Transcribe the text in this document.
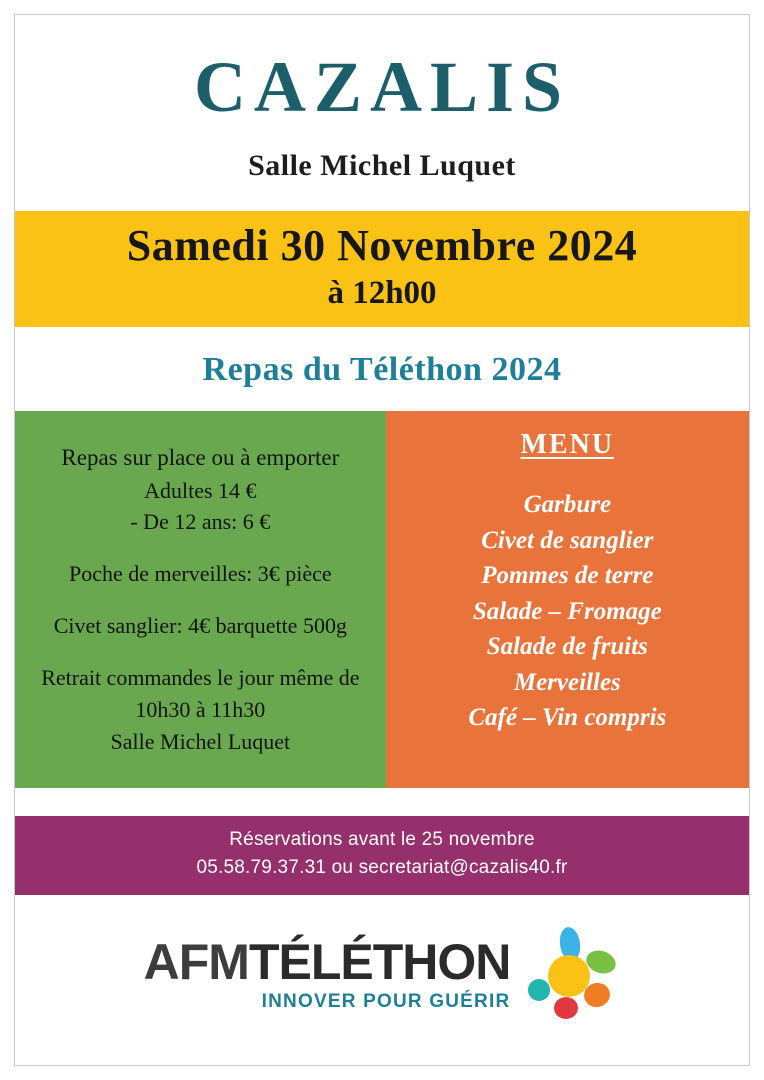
CAZALIS
Salle Michel Luquet
Samedi 30 Novembre 2024
à 12h00
Repas du Téléthon 2024
Repas sur place ou à emporter
Adultes 14 €
- De 12 ans: 6 €
Poche de merveilles: 3€ pièce
Civet sanglier: 4€ barquette 500g
Retrait commandes le jour même de
10h30 à 11h30
Salle Michel Luquet
MENU
Garbure
Civet de sanglier
Pommes de terre
Salade – Fromage
Salade de fruits
Merveilles
Café – Vin compris
Réservations avant le 25 novembre
05.58.79.37.31 ou secretariat@cazalis40.fr
AFMTÉLÉTHON
INNOVER POUR GUÉRIR
